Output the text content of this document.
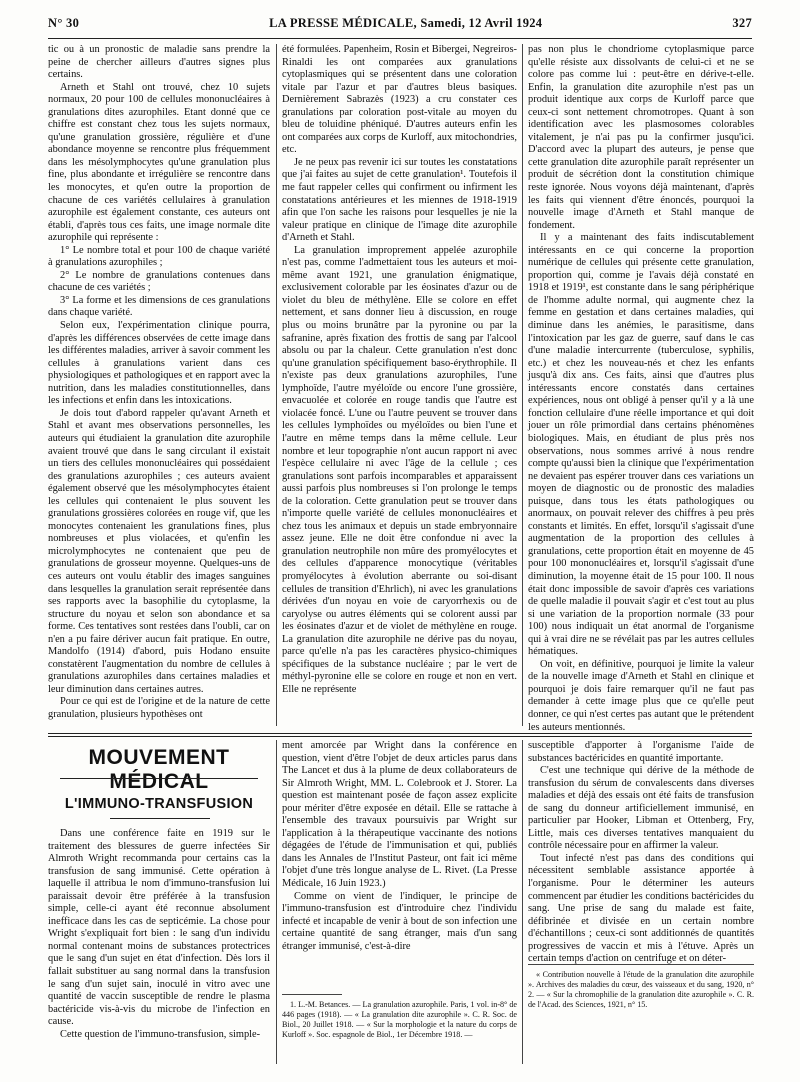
N° 30	LA PRESSE MÉDICALE, Samedi, 12 Avril 1924	327

tic ou à un pronostic de maladie sans prendre la peine de chercher ailleurs d'autres signes plus certains.

Arneth et Stahl ont trouvé, chez 10 sujets normaux, 20 pour 100 de cellules mononucléaires à granulations dites azurophiles. Etant donné que ce chiffre est constant chez tous les sujets normaux, qu'une granulation grossière, régulière et d'une abondance moyenne se rencontre plus fréquemment dans les mésolymphocytes qu'une granulation plus fine, plus abondante et irrégulière se rencontre dans les monocytes, et qu'en outre la proportion de chacune de ces variétés cellulaires à granulation azurophile est également constante, ces auteurs ont établi, d'après tous ces faits, une image normale dite azurophile qui représente :

1° Le nombre total et pour 100 de chaque variété à granulations azurophiles ;

2° Le nombre de granulations contenues dans chacune de ces variétés ;

3° La forme et les dimensions de ces granulations dans chaque variété.

Selon eux, l'expérimentation clinique pourra, d'après les différences observées de cette image dans les différentes maladies, arriver à savoir comment les cellules à granulations varient dans ces physiologiques et pathologiques et en rapport avec la nutrition, dans les maladies constitutionnelles, dans les infections et enfin dans les intoxications.

Je dois tout d'abord rappeler qu'avant Arneth et Stahl et avant mes observations personnelles, les auteurs qui étudiaient la granulation dite azurophile avaient trouvé que dans le sang circulant il existait un tiers des cellules mononucléaires qui possédaient des granulations azurophiles ; ces auteurs avaient également observé que les mésolymphocytes étaient les cellules qui contenaient le plus souvent les granulations grossières colorées en rouge vif, que les monocytes contenaient les granulations fines, plus nombreuses et plus violacées, et qu'enfin les microlymphocytes ne contenaient que peu de granulations de grosseur moyenne. Quelques-uns de ces auteurs ont voulu établir des images sanguines dans lesquelles la granulation serait représentée dans ses rapports avec la basophilie du cytoplasme, la structure du noyau et selon son abondance et sa forme. Ces tentatives sont restées dans l'oubli, car on n'en a pu faire dériver aucun fait pratique. En outre, Mandolfo (1914) d'abord, puis Hodano ensuite constatèrent l'augmentation du nombre de cellules à granulations azurophiles dans certaines maladies et leur diminution dans certaines autres.

Pour ce qui est de l'origine et de la nature de cette granulation, plusieurs hypothèses ont

été formulées. Papenheim, Rosin et Bibergei, Negreiros-Rinaldi les ont comparées aux granulations cytoplasmiques qui se présentent dans une coloration vitale par l'azur et par d'autres bleus basiques. Dernièrement Sabrazès (1923) a cru constater ces granulations par coloration post-vitale au moyen du bleu de toluidine phéniqué. D'autres auteurs enfin les ont comparées aux corps de Kurloff, aux mitochondries, etc.

Je ne peux pas revenir ici sur toutes les constatations que j'ai faites au sujet de cette granulation¹. Toutefois il me faut rappeler celles qui confirment ou infirment les constatations antérieures et les miennes de 1918-1919 afin que l'on sache les raisons pour lesquelles je nie la valeur pratique en clinique de l'image dite azurophile d'Arneth et Stahl.

La granulation improprement appelée azurophile n'est pas, comme l'admettaient tous les auteurs et moi-même avant 1921, une granulation énigmatique, exclusivement colorable par les éosinates d'azur ou de violet du bleu de méthylène. Elle se colore en effet nettement, et sans donner lieu à discussion, en rouge plus ou moins brunâtre par la pyronine ou par la safranine, après fixation des frottis de sang par l'alcool absolu ou par la chaleur. Cette granulation n'est donc qu'une granulation spécifiquement baso-érythrophile. Il n'existe pas deux granulations azurophiles, l'une lymphoïde, l'autre myéloïde ou encore l'une grossière, envacuolée et colorée en rouge tandis que l'autre est violacée foncé. L'une ou l'autre peuvent se trouver dans les cellules lymphoïdes ou myéloïdes ou bien l'une et l'autre en même temps dans la même cellule. Leur nombre et leur topographie n'ont aucun rapport ni avec l'espèce cellulaire ni avec l'âge de la cellule ; ces granulations sont parfois incomparables et apparaissent aussi parfois plus nombreuses si l'on prolonge le temps de la coloration. Cette granulation peut se trouver dans n'importe quelle variété de cellules mononucléaires et chez tous les animaux et depuis un stade embryonnaire assez jeune. Elle ne doit être confondue ni avec la granulation neutrophile non mûre des promyélocytes et des cellules d'apparence monocytique (véritables promyélocytes à évolution aberrante ou soi-disant cellules de transition d'Ehrlich), ni avec les granulations dérivées d'un noyau en voie de caryorrhexis ou de caryolyse ou autres éléments qui se colorent aussi par les éosinates d'azur et de violet de méthylène en rouge. La granulation dite azurophile ne dérive pas du noyau, parce qu'elle n'a pas les caractères physico-chimiques spécifiques de la substance nucléaire ; par le vert de méthyl-pyronine elle se colore en rouge et non en vert. Elle ne représente

pas non plus le chondriome cytoplasmique parce qu'elle résiste aux dissolvants de celui-ci et ne se colore pas comme lui : peut-être en dérive-t-elle. Enfin, la granulation dite azurophile n'est pas un produit identique aux corps de Kurloff parce que ceux-ci sont nettement chromotropes. Quant à son identification avec les plasmosomes colorables vitalement, je n'ai pas pu la confirmer jusqu'ici. D'accord avec la plupart des auteurs, je pense que cette granulation dite azurophile paraît représenter un produit de sécrétion dont la constitution chimique reste ignorée. Nous voyons déjà maintenant, d'après les faits qui viennent d'être énoncés, pourquoi la nouvelle image d'Arneth et Stahl manque de fondement.

Il y a maintenant des faits indiscutablement intéressants en ce qui concerne la proportion numérique de cellules qui présente cette granulation, proportion qui, comme je l'avais déjà constaté en 1918 et 1919¹, est constante dans le sang périphérique de l'homme adulte normal, qui augmente chez la femme en gestation et dans certaines maladies, qui diminue dans les anémies, le parasitisme, dans l'intoxication par les gaz de guerre, sauf dans le cas d'une maladie intercurrente (tuberculose, syphilis, etc.) et chez les nouveau-nés et chez les enfants jusqu'à dix ans. Ces faits, ainsi que d'autres plus intéressants encore constatés dans certaines expériences, nous ont obligé à penser qu'il y a là une fonction cellulaire d'une réelle importance et qui doit jouer un rôle primordial dans certains phénomènes biologiques. Mais, en étudiant de plus près nos observations, nous sommes arrivé à nous rendre compte qu'aussi bien la clinique que l'expérimentation ne devaient pas espérer trouver dans ces variations un moyen de diagnostic ou de pronostic des maladies puisque, dans tous les états pathologiques ou anormaux, on pouvait relever des chiffres à peu près constants et limités. En effet, lorsqu'il s'agissait d'une augmentation de la proportion des cellules à granulations, cette proportion était en moyenne de 45 pour 100 mononucléaires et, lorsqu'il s'agissait d'une diminution, la moyenne était de 15 pour 100. Il nous était donc impossible de savoir d'après ces variations de quelle maladie il pouvait s'agir et c'est tout au plus si une variation de la proportion normale (33 pour 100) nous indiquait un état anormal de l'organisme qui à vrai dire ne se révélait pas par les autres cellules hématiques.

On voit, en définitive, pourquoi je limite la valeur de la nouvelle image d'Arneth et Stahl en clinique et pourquoi je dois faire remarquer qu'il ne faut pas demander à cette image plus que ce qu'elle peut donner, ce qui n'est certes pas autant que le prétendent les auteurs mentionnés.

MOUVEMENT MÉDICAL
L'IMMUNO-TRANSFUSION

Dans une conférence faite en 1919 sur le traitement des blessures de guerre infectées Sir Almroth Wright recommanda pour certains cas la transfusion de sang immunisé. Cette opération à laquelle il attribua le nom d'immuno-transfusion lui paraissait devoir être préférée à la transfusion simple, celle-ci ayant été reconnue absolument inefficace dans les cas de septicémie. La chose pour Wright s'expliquait fort bien : le sang d'un individu normal contenant moins de substances protectrices que le sang d'un sujet en état d'infection. Dès lors il fallait substituer au sang normal dans la transfusion le sang d'un sujet sain, inoculé in vitro avec une quantité de vaccin susceptible de rendre le plasma bactéricide vis-à-vis du microbe de l'infection en cause.

Cette question de l'immuno-transfusion, simple-

ment amorcée par Wright dans la conférence en question, vient d'être l'objet de deux articles parus dans The Lancet et dus à la plume de deux collaborateurs de Sir Almroth Wright, MM. L. Colebrook et J. Storer. La question est maintenant posée de façon assez explicite pour mériter d'être exposée en détail. Elle se rattache à l'ensemble des travaux poursuivis par Wright sur l'application à la thérapeutique vaccinante des notions dégagées de l'étude de l'immunisation et qui, publiés dans les Annales de l'Institut Pasteur, ont fait ici même l'objet d'une très longue analyse de L. Rivet. (La Presse Médicale, 16 Juin 1923.)

Comme on vient de l'indiquer, le principe de l'immuno-transfusion est d'introduire chez l'individu infecté et incapable de venir à bout de son infection une certaine quantité de sang étranger, mais d'un sang étranger immunisé, c'est-à-dire

susceptible d'apporter à l'organisme l'aide de substances bactéricides en quantité importante.

C'est une technique qui dérive de la méthode de transfusion du sérum de convalescents dans diverses maladies et déjà des essais ont été faits de transfusion de sang du donneur artificiellement immunisé, en particulier par Hooker, Libman et Ottenberg, Fry, Little, mais ces diverses tentatives manquaient du contrôle nécessaire pour en affirmer la valeur.

Tout infecté n'est pas dans des conditions qui nécessitent semblable assistance apportée à l'organisme. Pour le déterminer les auteurs commencent par étudier les conditions bactéricides du sang. Une prise de sang du malade est faite, défibrinée et divisée en un certain nombre d'échantillons ; ceux-ci sont additionnés de quantités progressives de vaccin et mis à l'étuve. Après un certain temps d'action on centrifuge et on déter-

1. L.-M. Betances. — La granulation azurophile. Paris, 1 vol. in-8° de 446 pages (1918). — « La granulation dite azurophile ». C. R. Soc. de Biol., 20 Juillet 1918. — « Sur la morphologie et la nature du corps de Kurloff ». Soc. espagnole de Biol., 1er Décembre 1918. —

« Contribution nouvelle à l'étude de la granulation dite azurophile ». Archives des maladies du cœur, des vaisseaux et du sang, 1920, n° 2. — « Sur la chromophilie de la granulation dite azurophile ». C. R. de l'Acad. des Sciences, 1921, n° 15.
